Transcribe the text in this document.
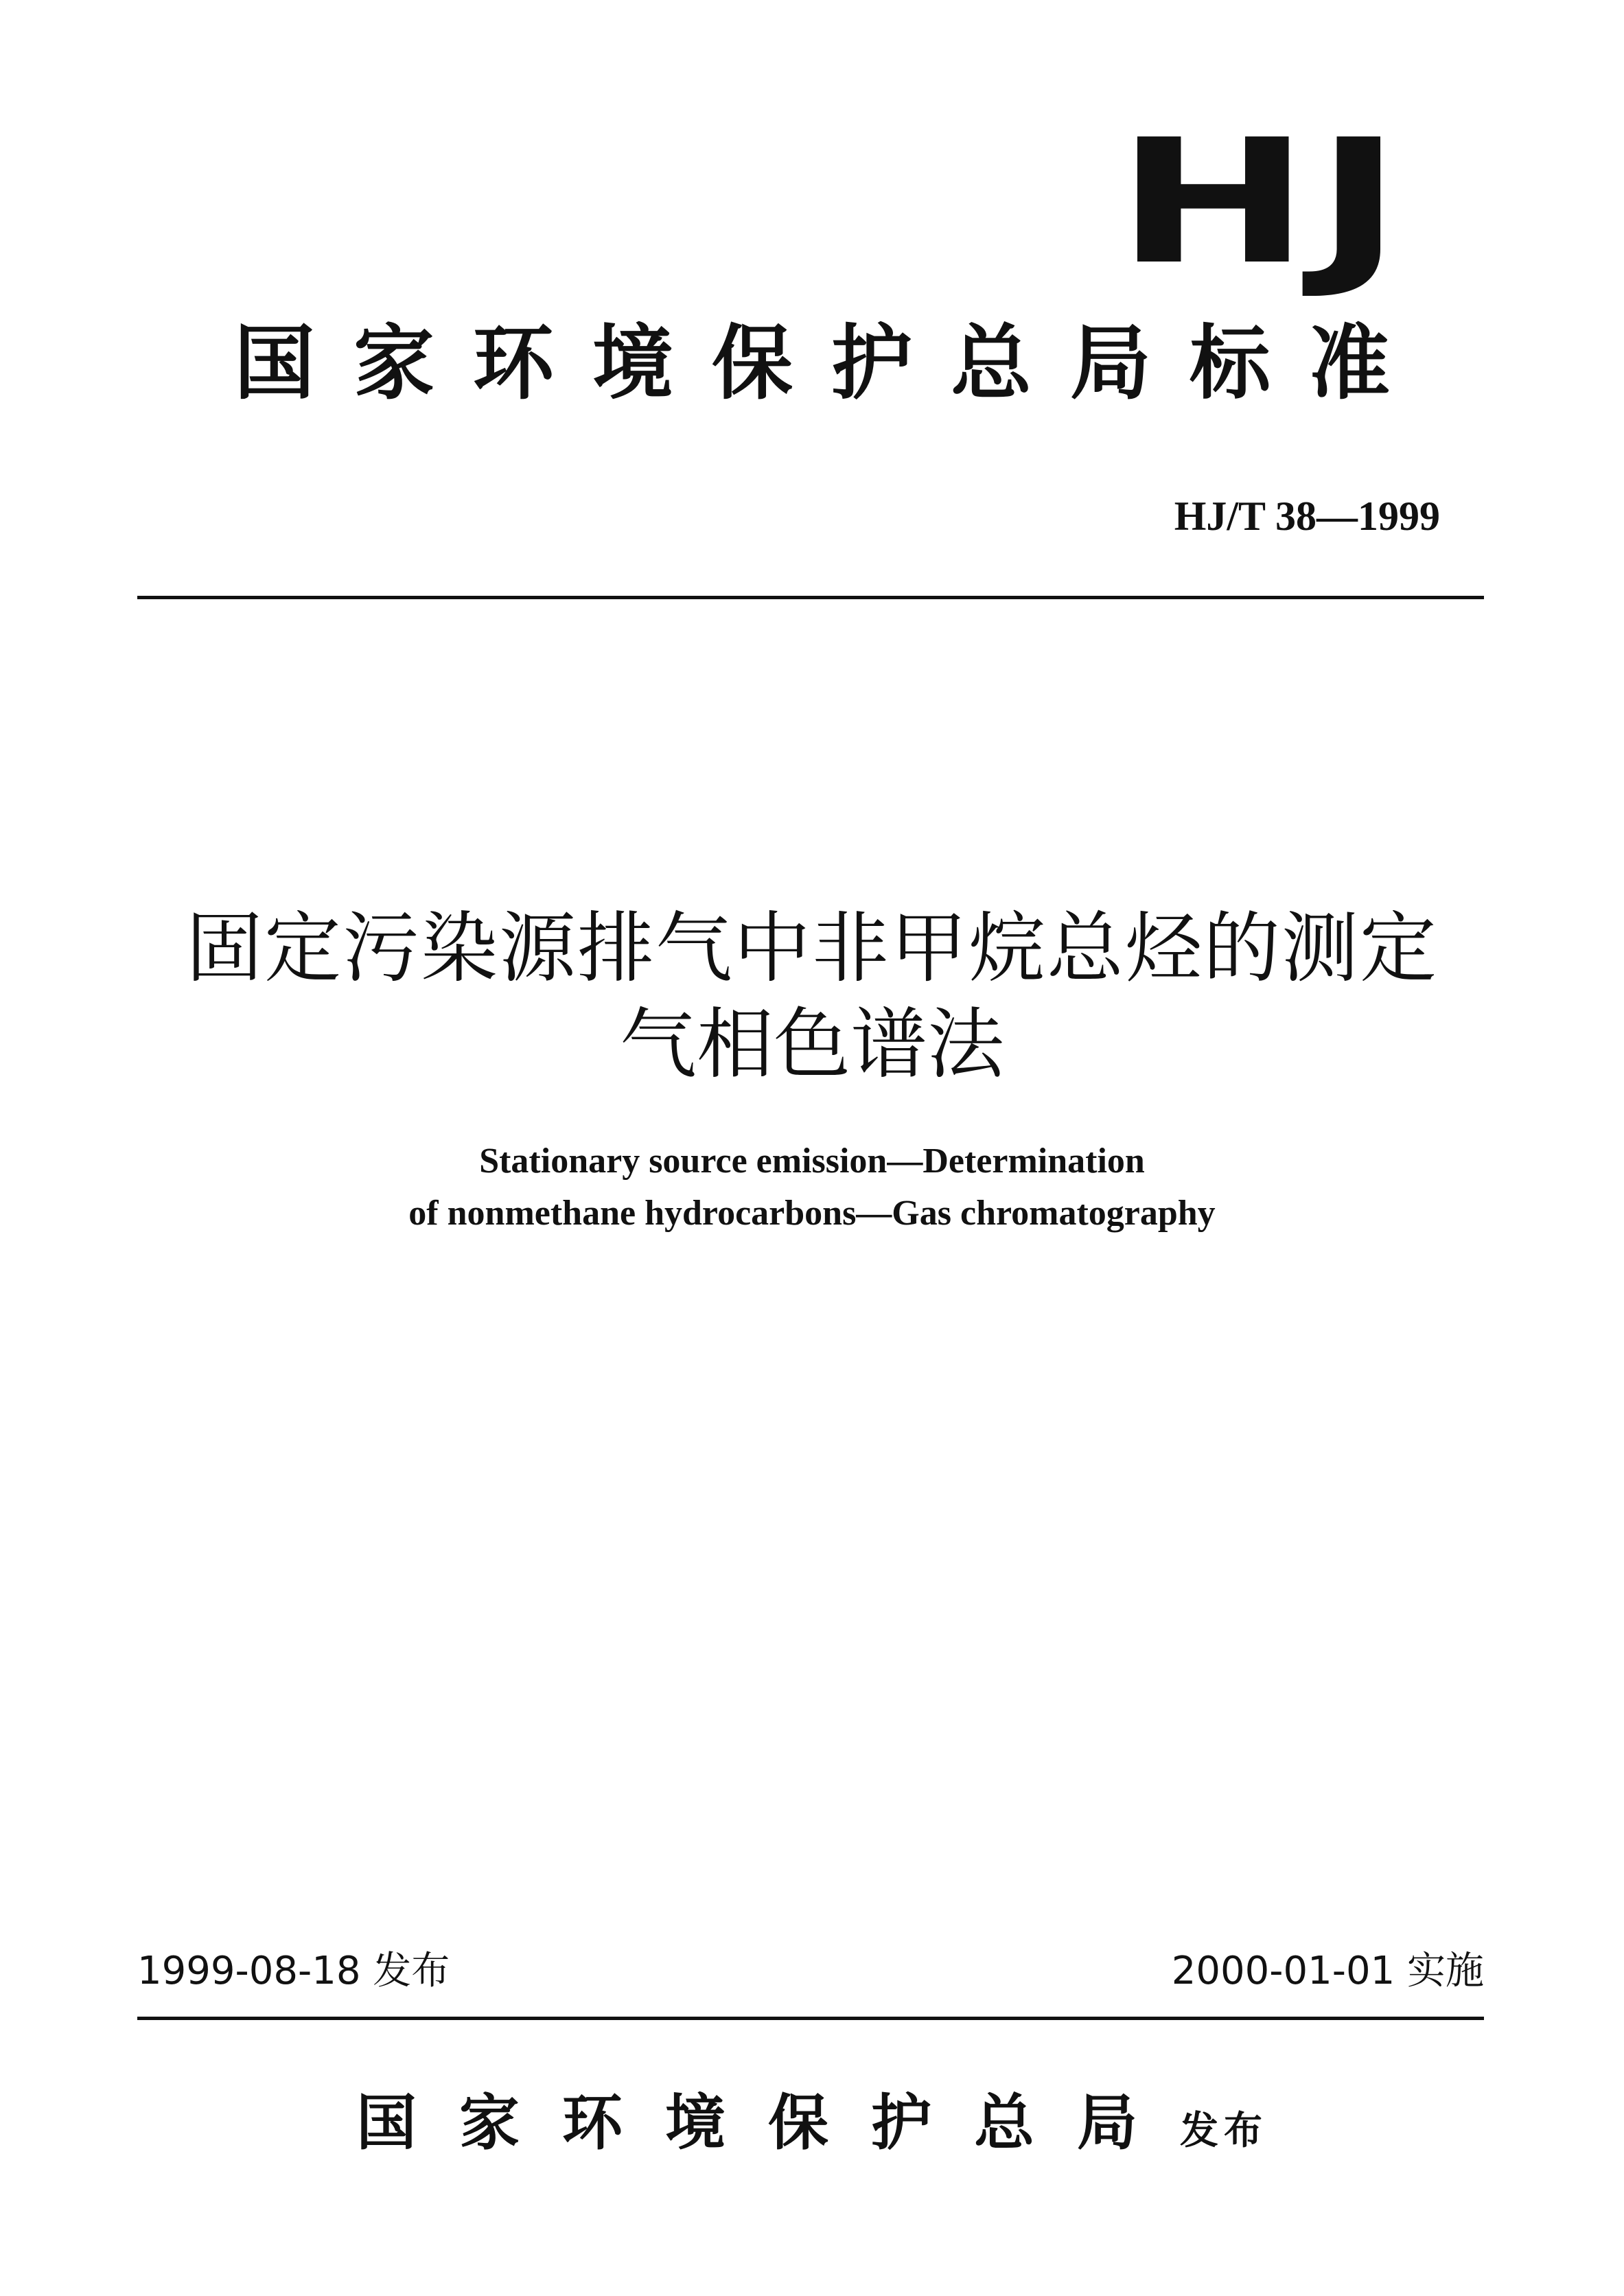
HJ
国家环境保护总局标准
HJ/T 38—1999
固定污染源排气中非甲烷总烃的测定
气相色谱法
Stationary source emission—Determination
of nonmethane hydrocarbons—Gas chromatography
1999-08-18 发布	2000-01-01 实施
国家环境保护总局发布
